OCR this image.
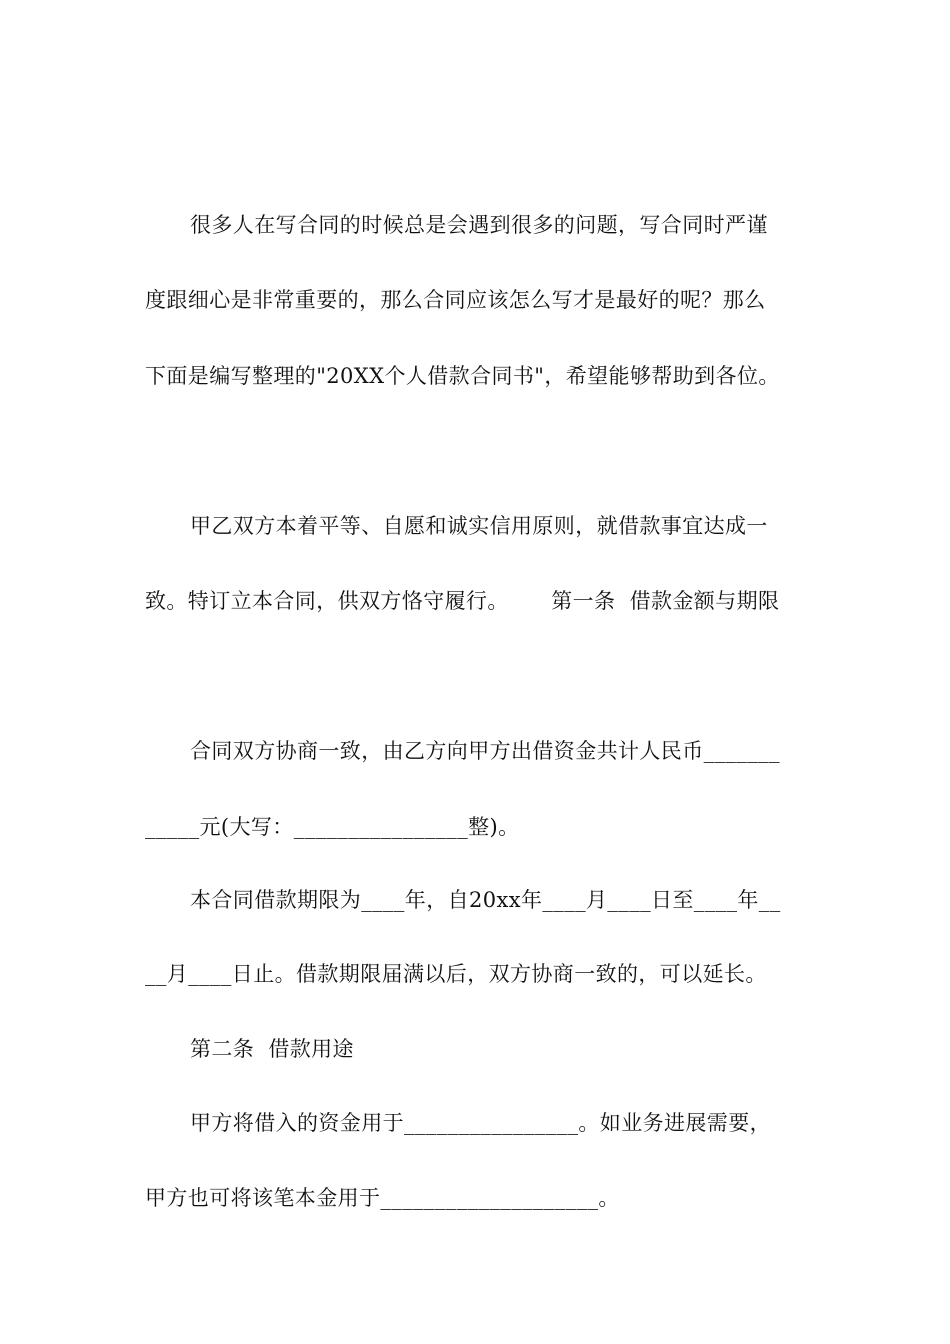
很多人在写合同的时候总是会遇到很多的问题，写合同时严谨
度跟细心是非常重要的，那么合同应该怎么写才是最好的呢？那么
下面是编写整理的"20XX个人借款合同书"，希望能够帮助到各位。
甲乙双方本着平等、自愿和诚实信用原则，就借款事宜达成一
致。特订立本合同，供双方恪守履行。      第一条  借款金额与期限
合同双方协商一致，由乙方向甲方出借资金共计人民币_______
_____元(大写：________________整)。
本合同借款期限为____年，自20xx年____月____日至____年__
__月____日止。借款期限届满以后，双方协商一致的，可以延长。
第二条  借款用途
甲方将借入的资金用于________________。如业务进展需要，
甲方也可将该笔本金用于____________________。
